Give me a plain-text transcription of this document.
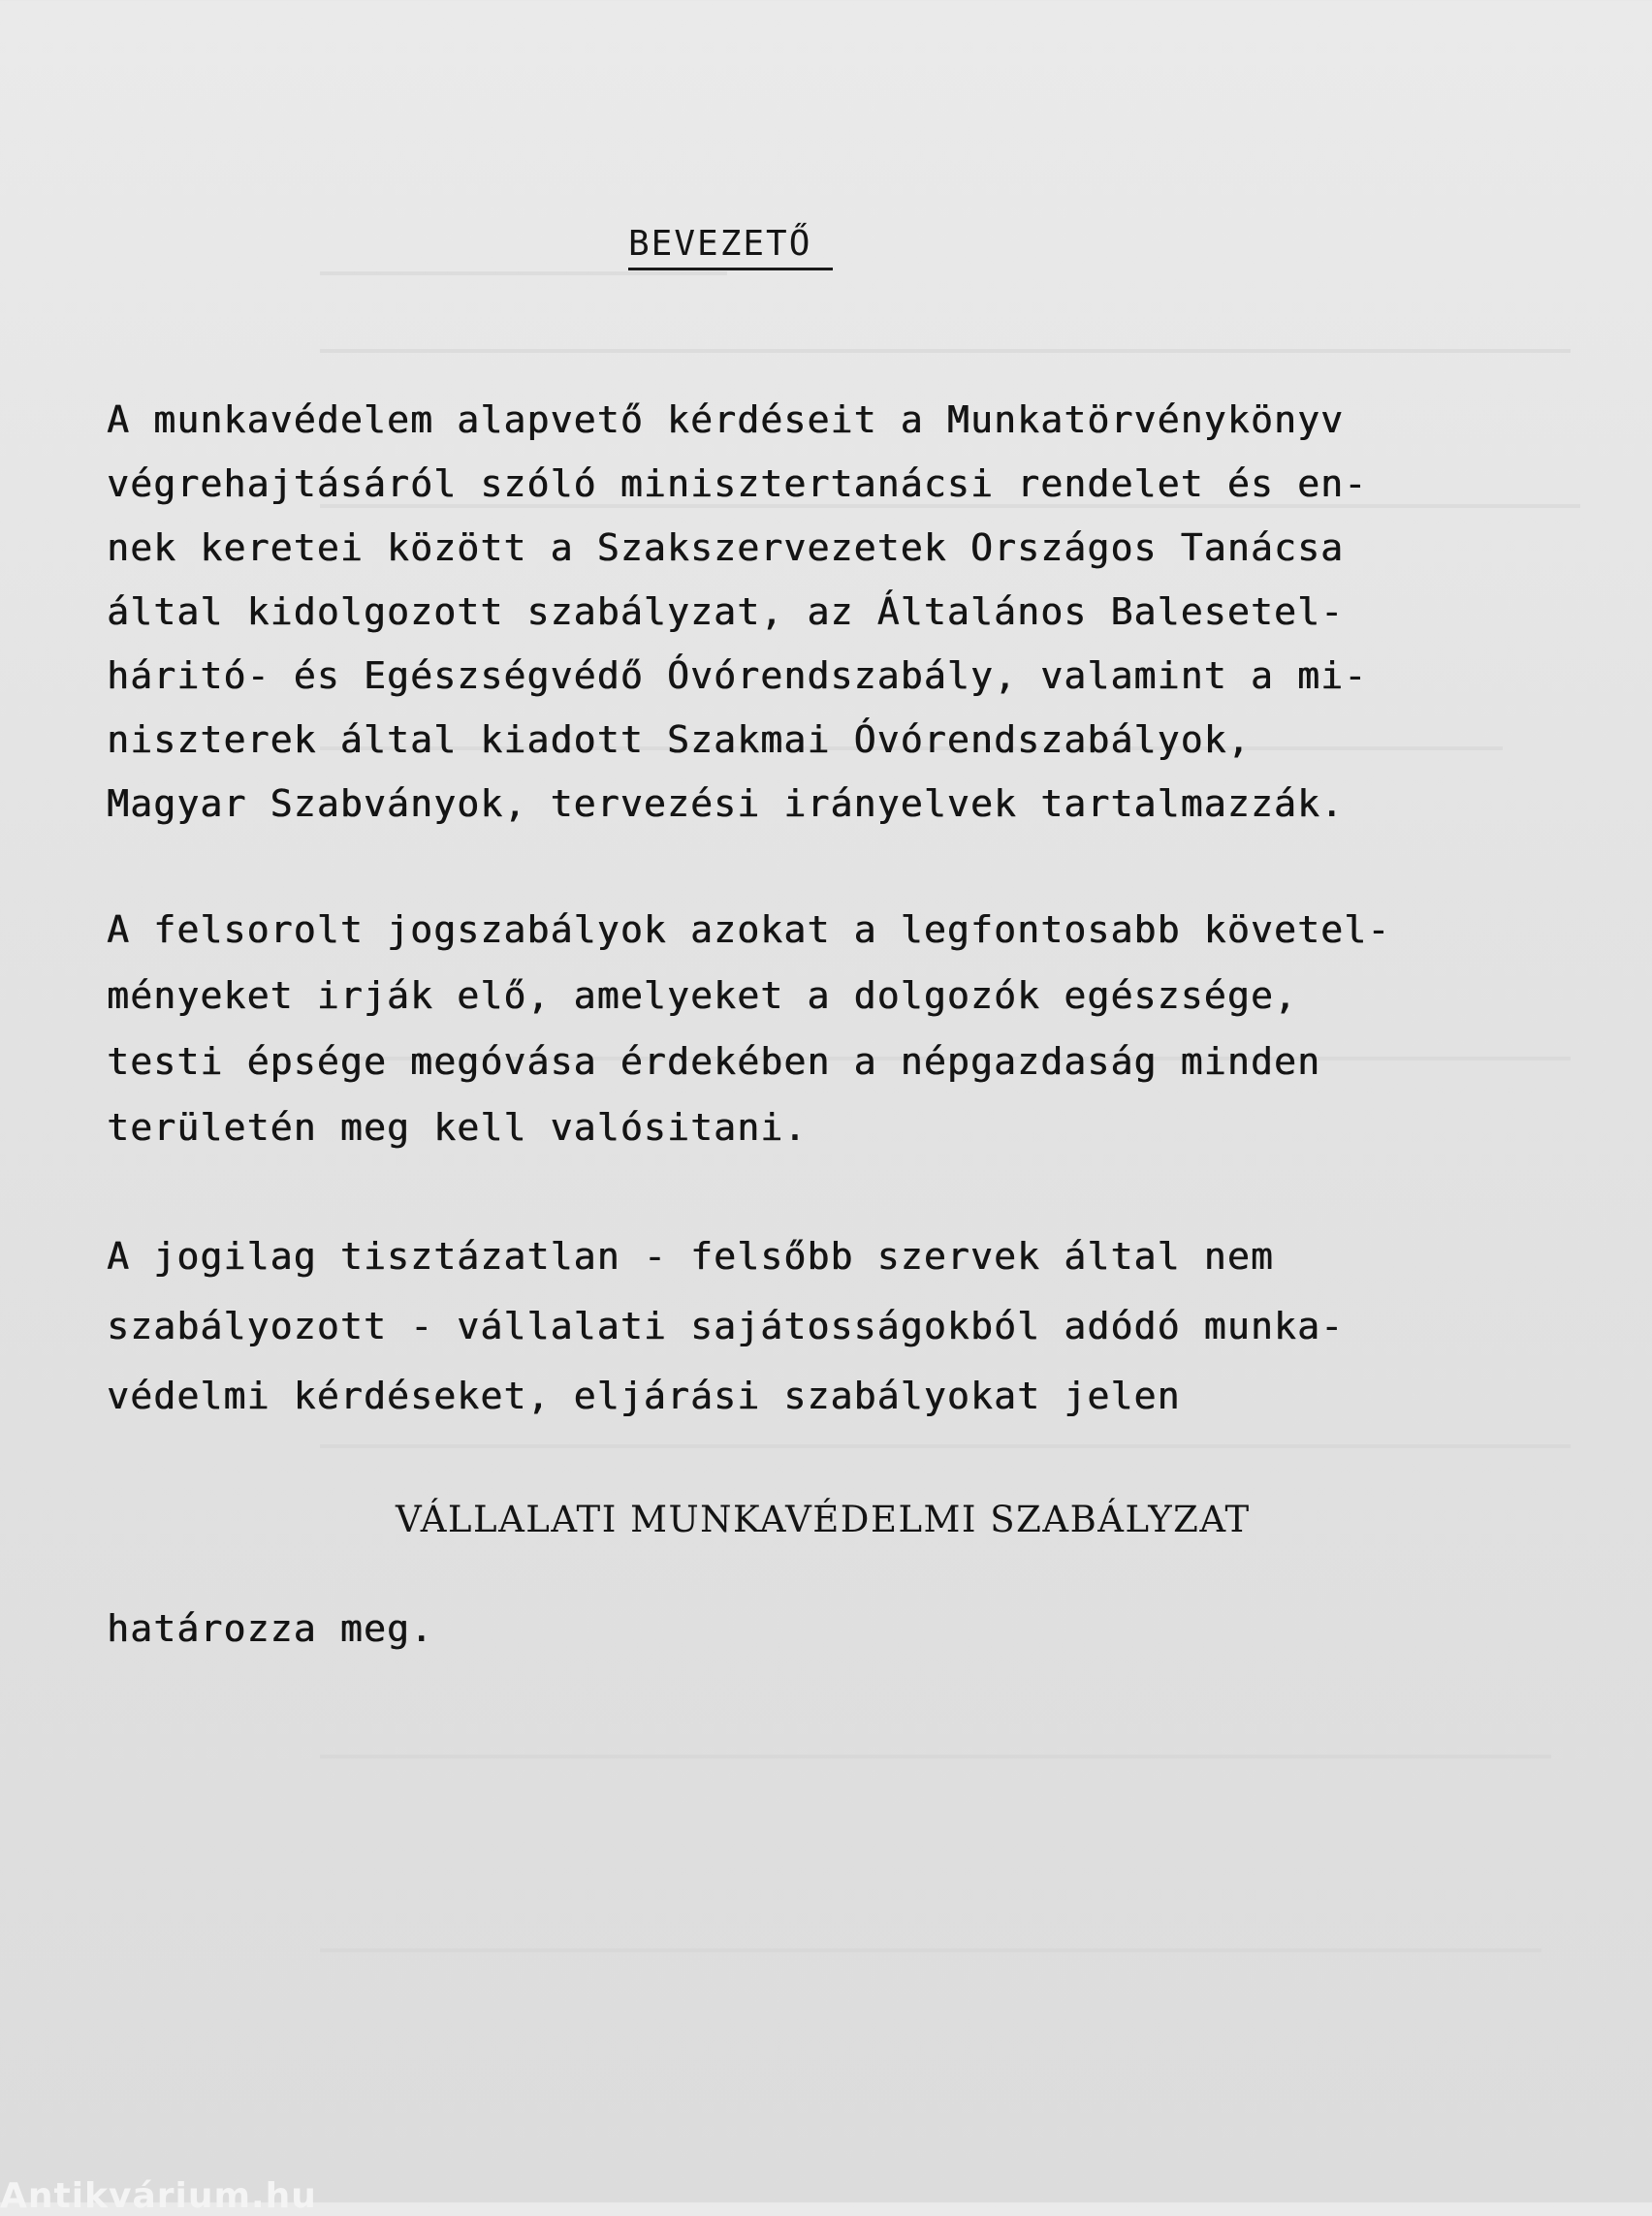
BEVEZETŐ
A munkavédelem alapvető kérdéseit a Munkatörvénykönyv
végrehajtásáról szóló minisztertanácsi rendelet és en-
nek keretei között a Szakszervezetek Országos Tanácsa
által kidolgozott szabályzat, az Általános Balesetel-
háritó- és Egészségvédő Óvórendszabály, valamint a mi-
niszterek által kiadott Szakmai Óvórendszabályok,
Magyar Szabványok, tervezési irányelvek tartalmazzák.
A felsorolt jogszabályok azokat a legfontosabb követel-
ményeket irják elő, amelyeket a dolgozók egészsége,
testi épsége megóvása érdekében a népgazdaság minden
területén meg kell valósitani.
A jogilag tisztázatlan - felsőbb szervek által nem
szabályozott - vállalati sajátosságokból adódó munka-
védelmi kérdéseket, eljárási szabályokat jelen
VÁLLALATI MUNKAVÉDELMI SZABÁLYZAT
határozza meg.
Antikvárium.hu
